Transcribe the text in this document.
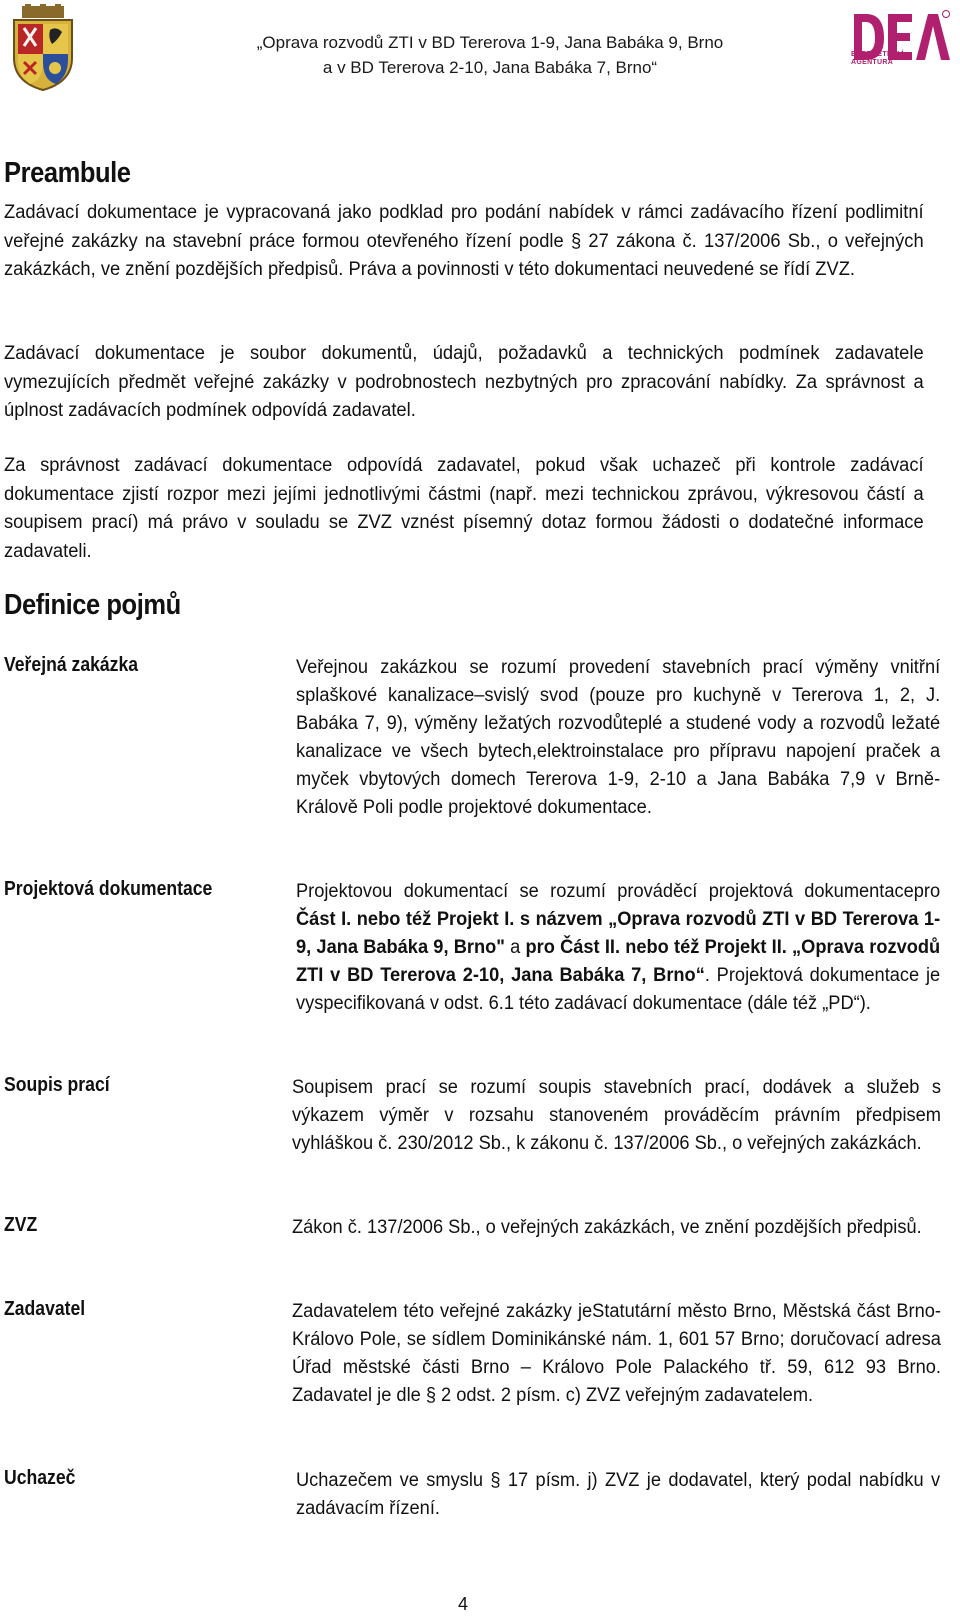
„Oprava rozvodů ZTI v BD Tererova 1-9, Jana Babáka 9, Brno
a v BD Tererova 2-10, Jana Babáka 7, Brno“
ENERGETICKÁ
AGENTURA
Preambule

Zadávací dokumentace je vypracovaná jako podklad pro podání nabídek v rámci zadávacího řízení podlimitní veřejné zakázky na stavební práce formou otevřeného řízení podle § 27 zákona č. 137/2006 Sb., o veřejných zakázkách, ve znění pozdějších předpisů. Práva a povinnosti v této dokumentaci neuvedené se řídí ZVZ.

Zadávací dokumentace je soubor dokumentů, údajů, požadavků a technických podmínek zadavatele vymezujících předmět veřejné zakázky v podrobnostech nezbytných pro zpracování nabídky. Za správnost a úplnost zadávacích podmínek odpovídá zadavatel.

Za správnost zadávací dokumentace odpovídá zadavatel, pokud však uchazeč při kontrole zadávací dokumentace zjistí rozpor mezi jejími jednotlivými částmi (např. mezi technickou zprávou, výkresovou částí a soupisem prací) má právo v souladu se ZVZ vznést písemný dotaz formou žádosti o dodatečné informace zadavateli.

Definice pojmů
Veřejná zakázka	Veřejnou zakázkou se rozumí provedení stavebních prací výměny vnitřní splaškové kanalizace–svislý svod (pouze pro kuchyně v Tererova 1, 2, J. Babáka 7, 9), výměny ležatých rozvodůteplé a studené vody a rozvodů ležaté kanalizace ve všech bytech,elektroinstalace pro přípravu napojení praček a myček vbytových domech Tererova 1-9, 2-10 a Jana Babáka 7,9 v Brně-Králově Poli podle projektové dokumentace.

Projektová dokumentace	Projektovou dokumentací se rozumí prováděcí projektová dokumentacepro Část I. nebo též Projekt I. s názvem „Oprava rozvodů ZTI v BD Tererova 1-9, Jana Babáka 9, Brno" a pro Část II. nebo též Projekt II. „Oprava rozvodů ZTI v BD Tererova 2-10, Jana Babáka 7, Brno“. Projektová dokumentace je vyspecifikovaná v odst. 6.1 této zadávací dokumentace (dále též „PD“).

Soupis prací	Soupisem prací se rozumí soupis stavebních prací, dodávek a služeb s výkazem výměr v rozsahu stanoveném prováděcím právním předpisem vyhláškou č. 230/2012 Sb., k zákonu č. 137/2006 Sb., o veřejných zakázkách.

ZVZ	Zákon č. 137/2006 Sb., o veřejných zakázkách, ve znění pozdějších předpisů.

Zadavatel	Zadavatelem této veřejné zakázky jeStatutární město Brno, Městská část Brno-Královo Pole, se sídlem Dominikánské nám. 1, 601 57 Brno; doručovací adresa Úřad městské části Brno – Královo Pole Palackého tř. 59, 612 93 Brno. Zadavatel je dle § 2 odst. 2 písm. c) ZVZ veřejným zadavatelem.

Uchazeč	Uchazečem ve smyslu § 17 písm. j) ZVZ je dodavatel, který podal nabídku v zadávacím řízení.

4
